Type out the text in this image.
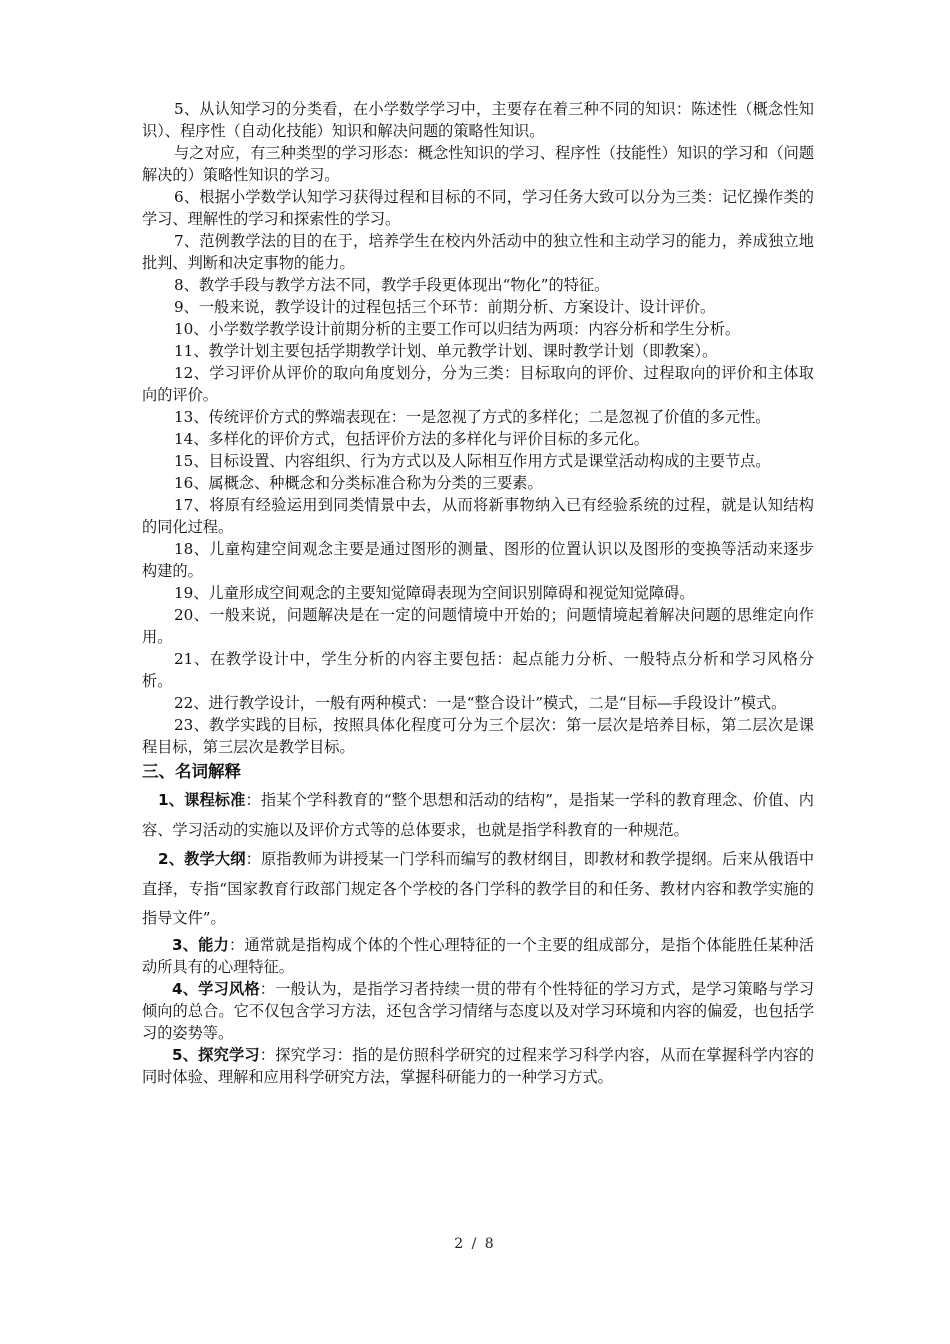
5、从认知学习的分类看，在小学数学学习中，主要存在着三种不同的知识：陈述性（概念性知识）、程序性（自动化技能）知识和解决问题的策略性知识。

与之对应，有三种类型的学习形态：概念性知识的学习、程序性（技能性）知识的学习和（问题解决的）策略性知识的学习。

6、根据小学数学认知学习获得过程和目标的不同，学习任务大致可以分为三类：记忆操作类的学习、理解性的学习和探索性的学习。

7、范例教学法的目的在于，培养学生在校内外活动中的独立性和主动学习的能力，养成独立地批判、判断和决定事物的能力。

8、教学手段与教学方法不同，教学手段更体现出“物化”的特征。

9、一般来说，教学设计的过程包括三个环节：前期分析、方案设计、设计评价。

10、小学数学教学设计前期分析的主要工作可以归结为两项：内容分析和学生分析。

11、教学计划主要包括学期教学计划、单元教学计划、课时教学计划（即教案）。

12、学习评价从评价的取向角度划分，分为三类：目标取向的评价、过程取向的评价和主体取向的评价。

13、传统评价方式的弊端表现在：一是忽视了方式的多样化；二是忽视了价值的多元性。

14、多样化的评价方式，包括评价方法的多样化与评价目标的多元化。

15、目标设置、内容组织、行为方式以及人际相互作用方式是课堂活动构成的主要节点。

16、属概念、种概念和分类标准合称为分类的三要素。

17、将原有经验运用到同类情景中去，从而将新事物纳入已有经验系统的过程，就是认知结构的同化过程。

18、儿童构建空间观念主要是通过图形的测量、图形的位置认识以及图形的变换等活动来逐步构建的。

19、儿童形成空间观念的主要知觉障碍表现为空间识别障碍和视觉知觉障碍。

20、一般来说，问题解决是在一定的问题情境中开始的；问题情境起着解决问题的思维定向作用。

21、在教学设计中，学生分析的内容主要包括：起点能力分析、一般特点分析和学习风格分析。

22、进行教学设计，一般有两种模式：一是“整合设计”模式，二是“目标—手段设计”模式。

23、教学实践的目标，按照具体化程度可分为三个层次：第一层次是培养目标，第二层次是课程目标，第三层次是教学目标。

三、名词解释

1、课程标准：指某个学科教育的“整个思想和活动的结构”，是指某一学科的教育理念、价值、内容、学习活动的实施以及评价方式等的总体要求，也就是指学科教育的一种规范。

2、教学大纲：原指教师为讲授某一门学科而编写的教材纲目，即教材和教学提纲。后来从俄语中直择，专指“国家教育行政部门规定各个学校的各门学科的教学目的和任务、教材内容和教学实施的指导文件”。

3、能力：通常就是指构成个体的个性心理特征的一个主要的组成部分，是指个体能胜任某种活动所具有的心理特征。

4、学习风格：一般认为，是指学习者持续一贯的带有个性特征的学习方式，是学习策略与学习倾向的总合。它不仅包含学习方法，还包含学习情绪与态度以及对学习环境和内容的偏爱，也包括学习的姿势等。

5、探究学习：探究学习：指的是仿照科学研究的过程来学习科学内容，从而在掌握科学内容的同时体验、理解和应用科学研究方法，掌握科研能力的一种学习方式。

2 / 8
